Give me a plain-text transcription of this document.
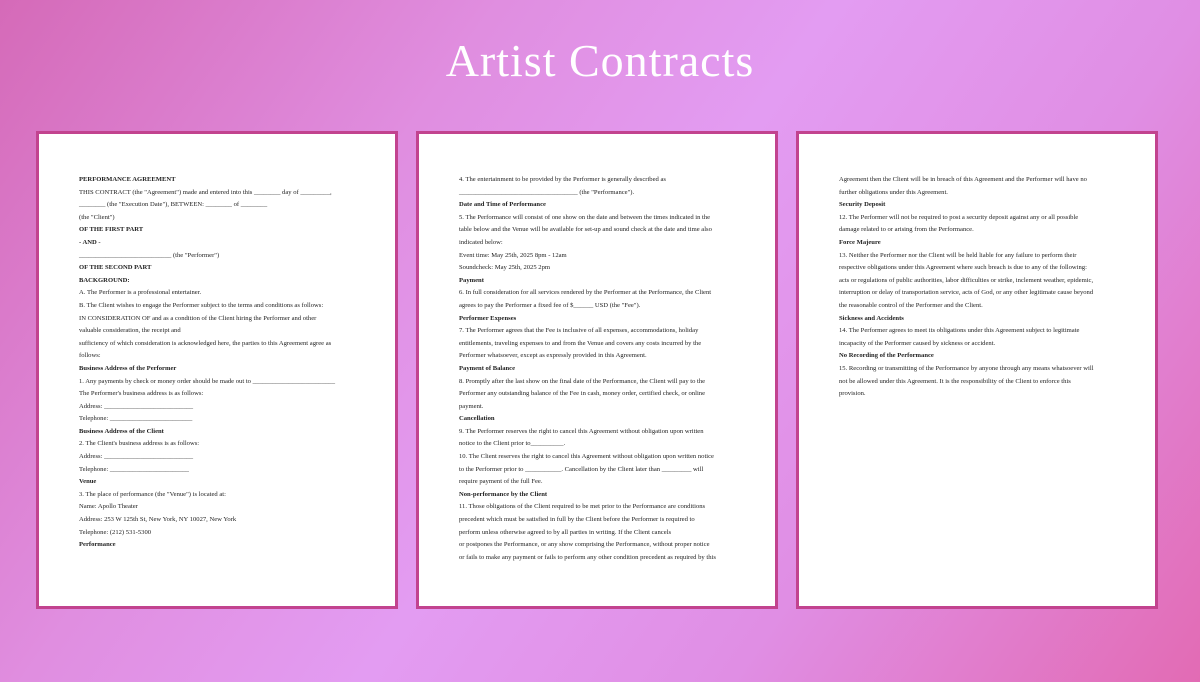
Artist Contracts
PERFORMANCE AGREEMENT
THIS CONTRACT (the "Agreement") made and entered into this ________ day of _________,
________ (the "Execution Date"), BETWEEN: ________ of ________
(the "Client")
OF THE FIRST PART
- AND -
____________________________ (the "Performer")
OF THE SECOND PART
BACKGROUND:
A. The Performer is a professional entertainer.
B. The Client wishes to engage the Performer subject to the terms and conditions as follows:
IN CONSIDERATION OF and as a condition of the Client hiring the Performer and other
valuable consideration, the receipt and
sufficiency of which consideration is acknowledged here, the parties to this Agreement agree as
follows:
Business Address of the Performer
1. Any payments by check or money order should be made out to _________________________
The Performer's business address is as follows:
Address: ___________________________
Telephone: _________________________
Business Address of the Client
2. The Client's business address is as follows:
Address: ___________________________
Telephone: ________________________
Venue
3. The place of performance (the "Venue") is located at:
Name: Apollo Theater
Address: 253 W 125th St, New York, NY 10027, New York
Telephone: (212) 531-5300
Performance
4. The entertainment to be provided by the Performer is generally described as
____________________________________ (the "Performance").
Date and Time of Performance
5. The Performance will consist of one show on the date and between the times indicated in the
table below and the Venue will be available for set-up and sound check at the date and time also
indicated below:
Event time: May 25th, 2025 8pm - 12am
Soundcheck: May 25th, 2025 2pm
Payment
6. In full consideration for all services rendered by the Performer at the Performance, the Client
agrees to pay the Performer a fixed fee of $______ USD (the "Fee").
Performer Expenses
7. The Performer agrees that the Fee is inclusive of all expenses, accommodations, holiday
entitlements, traveling expenses to and from the Venue and covers any costs incurred by the
Performer whatsoever, except as expressly provided in this Agreement.
Payment of Balance
8. Promptly after the last show on the final date of the Performance, the Client will pay to the
Performer any outstanding balance of the Fee in cash, money order, certified check, or online
payment.
Cancellation
9. The Performer reserves the right to cancel this Agreement without obligation upon written
notice to the Client prior to__________.
10. The Client reserves the right to cancel this Agreement without obligation upon written notice
to the Performer prior to ___________. Cancellation by the Client later than _________ will
require payment of the full Fee.
Non-performance by the Client
11. Those obligations of the Client required to be met prior to the Performance are conditions
precedent which must be satisfied in full by the Client before the Performer is required to
perform unless otherwise agreed to by all parties in writing. If the Client cancels
or postpones the Performance, or any show comprising the Performance, without proper notice
or fails to make any payment or fails to perform any other condition precedent as required by this
Agreement then the Client will be in breach of this Agreement and the Performer will have no
further obligations under this Agreement.
Security Deposit
12. The Performer will not be required to post a security deposit against any or all possible
damage related to or arising from the Performance.
Force Majeure
13. Neither the Performer nor the Client will be held liable for any failure to perform their
respective obligations under this Agreement where such breach is due to any of the following:
acts or regulations of public authorities, labor difficulties or strike, inclement weather, epidemic,
interruption or delay of transportation service, acts of God, or any other legitimate cause beyond
the reasonable control of the Performer and the Client.
Sickness and Accidents
14. The Performer agrees to meet its obligations under this Agreement subject to legitimate
incapacity of the Performer caused by sickness or accident.
No Recording of the Performance
15. Recording or transmitting of the Performance by anyone through any means whatsoever will
not be allowed under this Agreement. It is the responsibility of the Client to enforce this
provision.
